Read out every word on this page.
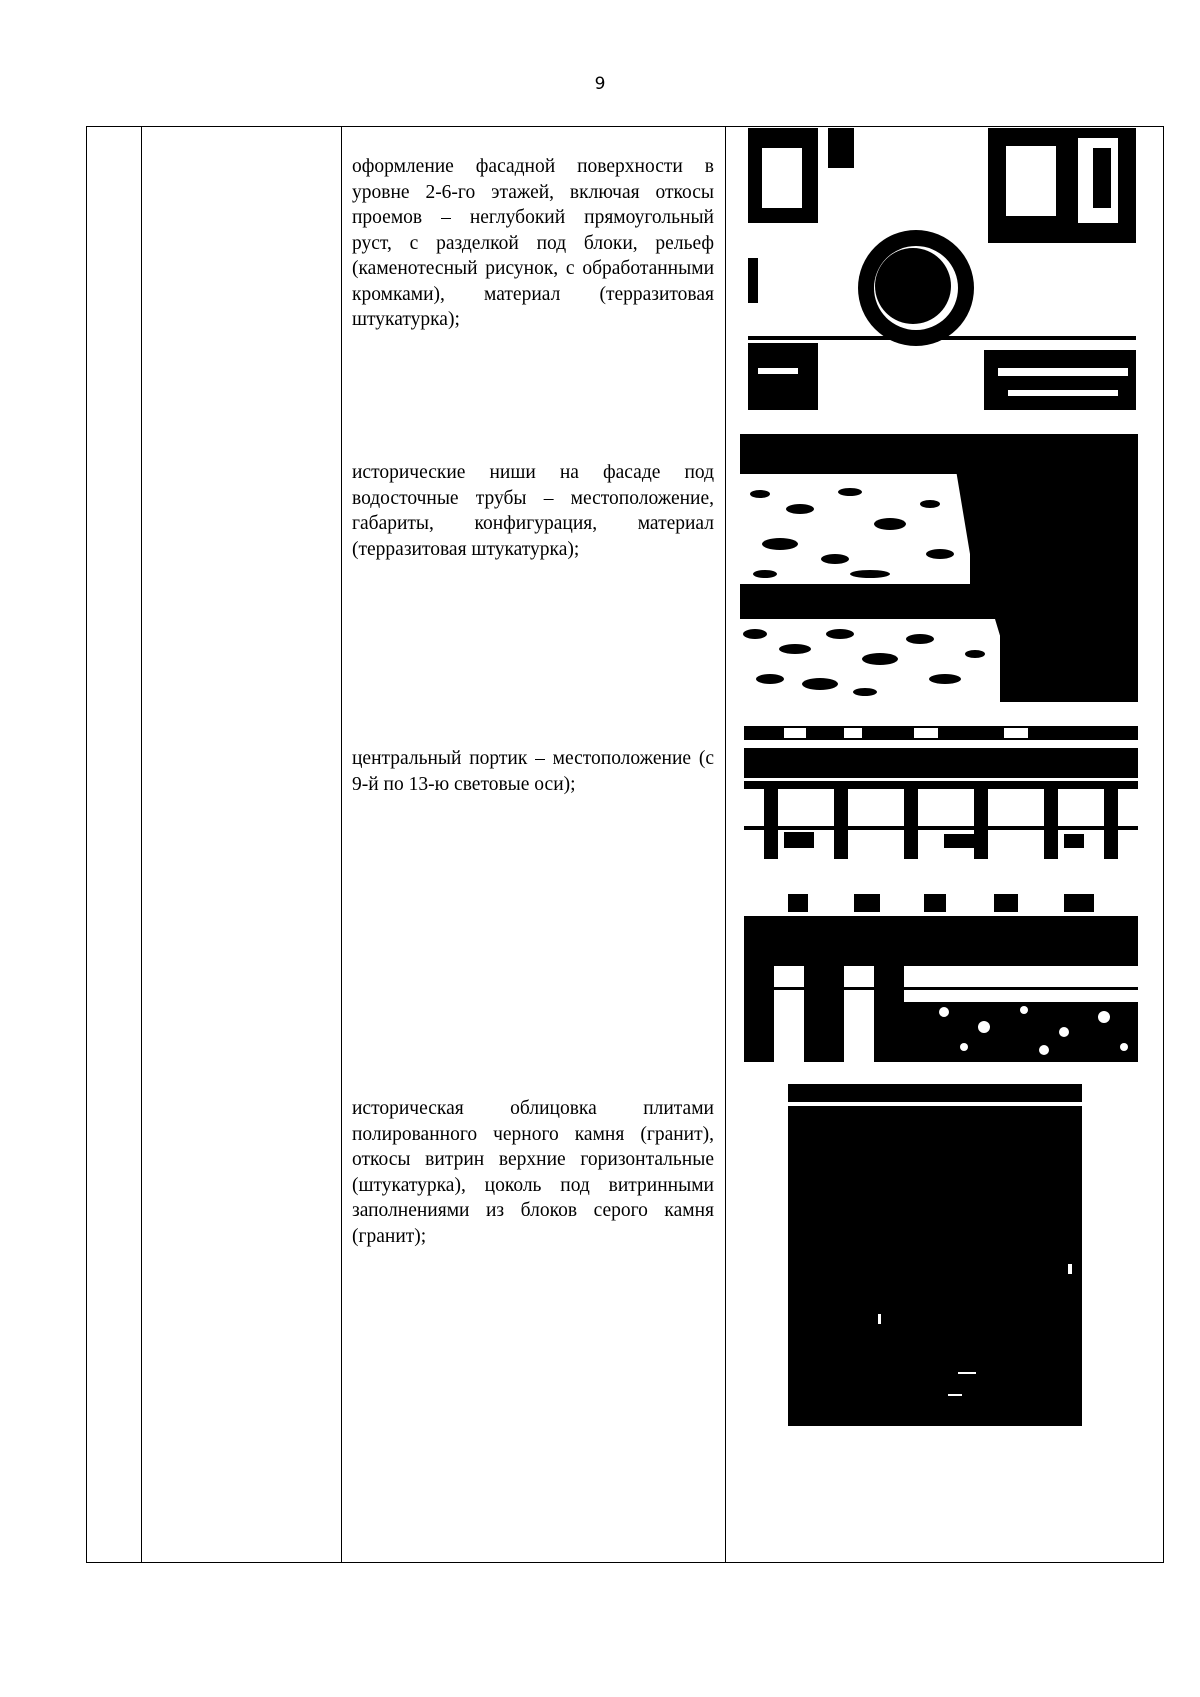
9
оформление фасадной поверхности в уровне 2-6-го этажей, включая откосы проемов – неглубокий прямоугольный руст, с разделкой под блоки, рельеф (каменотесный рисунок, с обработанными кромками), материал (терразитовая штукатурка);
исторические ниши на фасаде под водосточные трубы – местоположение, габариты, конфигурация, материал (терразитовая штукатурка);
центральный портик – местоположение (с 9-й по 13-ю световые оси);
историческая облицовка плитами полированного черного камня (гранит), откосы витрин верхние горизонтальные (штукатурка), цоколь под витринными заполнениями из блоков серого камня (гранит);
